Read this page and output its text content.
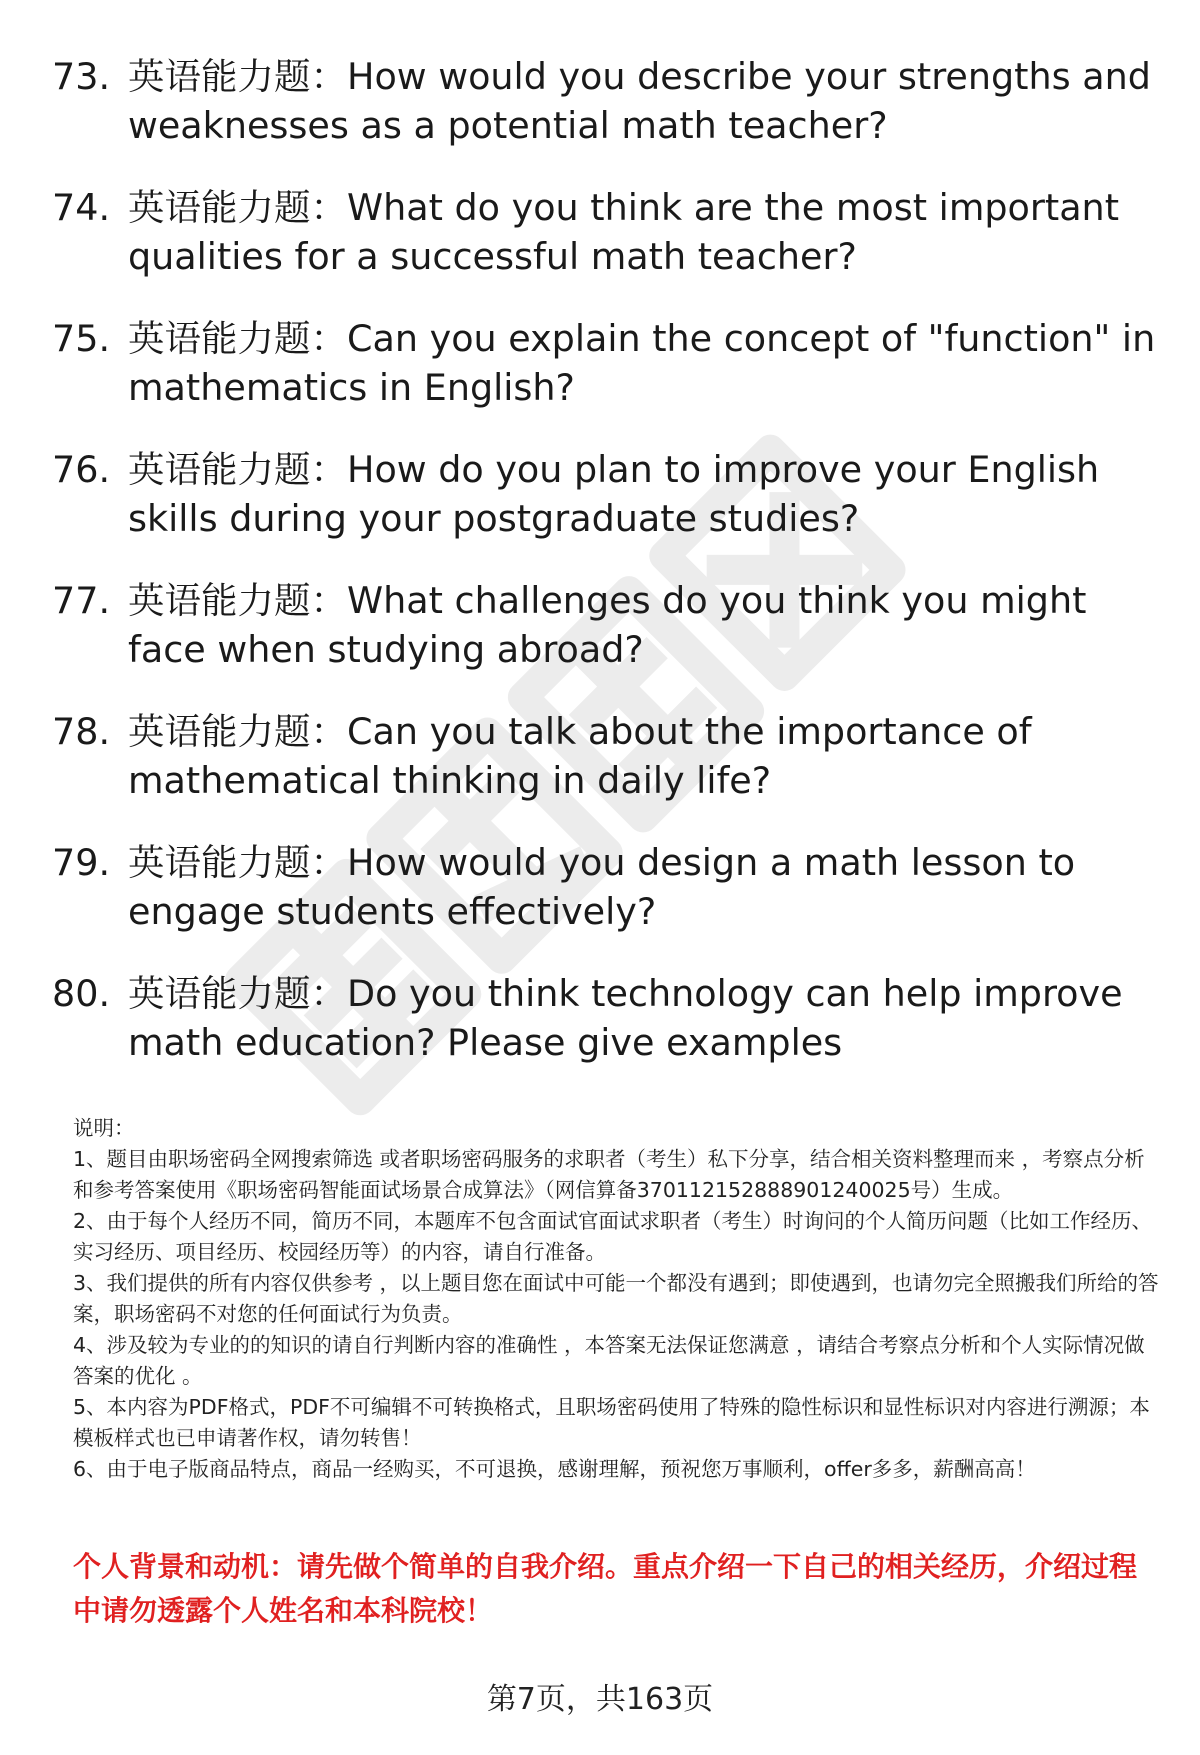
73. 英语能力题：How would you describe your strengths and weaknesses as a potential math teacher?
74. 英语能力题：What do you think are the most important qualities for a successful math teacher?
75. 英语能力题：Can you explain the concept of "function" in mathematics in English?
76. 英语能力题：How do you plan to improve your English skills during your postgraduate studies?
77. 英语能力题：What challenges do you think you might face when studying abroad?
78. 英语能力题：Can you talk about the importance of mathematical thinking in daily life?
79. 英语能力题：How would you design a math lesson to engage students effectively?
80. 英语能力题：Do you think technology can help improve math education? Please give examples

说明：

1、题目由职场密码全网搜索筛选 或者职场密码服务的求职者（考生）私下分享，结合相关资料整理而来 ，考察点分析和参考答案使用《职场密码智能面试场景合成算法》（网信算备370112152888901240025号）生成。

2、由于每个人经历不同，简历不同，本题库不包含面试官面试求职者（考生）时询问的个人简历问题（比如工作经历、实习经历、项目经历、校园经历等）的内容，请自行准备。

3、我们提供的所有内容仅供参考 ，以上题目您在面试中可能一个都没有遇到；即使遇到，也请勿完全照搬我们所给的答案，职场密码不对您的任何面试行为负责。

4、涉及较为专业的的知识的请自行判断内容的准确性 ，本答案无法保证您满意 ，请结合考察点分析和个人实际情况做答案的优化 。

5、本内容为PDF格式，PDF不可编辑不可转换格式，且职场密码使用了特殊的隐性标识和显性标识对内容进行溯源；本模板样式也已申请著作权，请勿转售！

6、由于电子版商品特点，商品一经购买，不可退换，感谢理解，预祝您万事顺利，offer多多，薪酬高高！

个人背景和动机：请先做个简单的自我介绍。重点介绍一下自己的相关经历，介绍过程中请勿透露个人姓名和本科院校！
第7页，共163页
